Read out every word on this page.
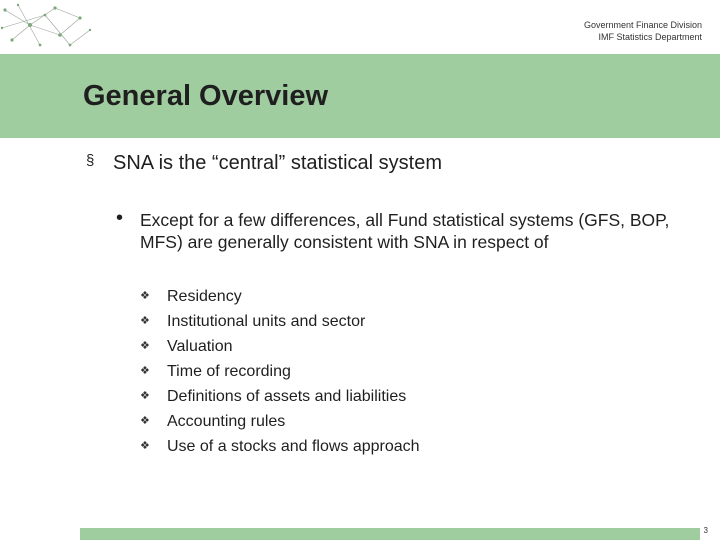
Government Finance Division
IMF Statistics Department
General Overview
§ SNA is the “central” statistical system
• Except for a few differences, all Fund statistical systems (GFS, BOP, MFS) are generally consistent with SNA in respect of
❖	Residency
❖	Institutional units and sector
❖	Valuation
❖	Time of recording
❖	Definitions of assets and liabilities
❖	Accounting rules
❖	Use of a stocks and flows approach
3
